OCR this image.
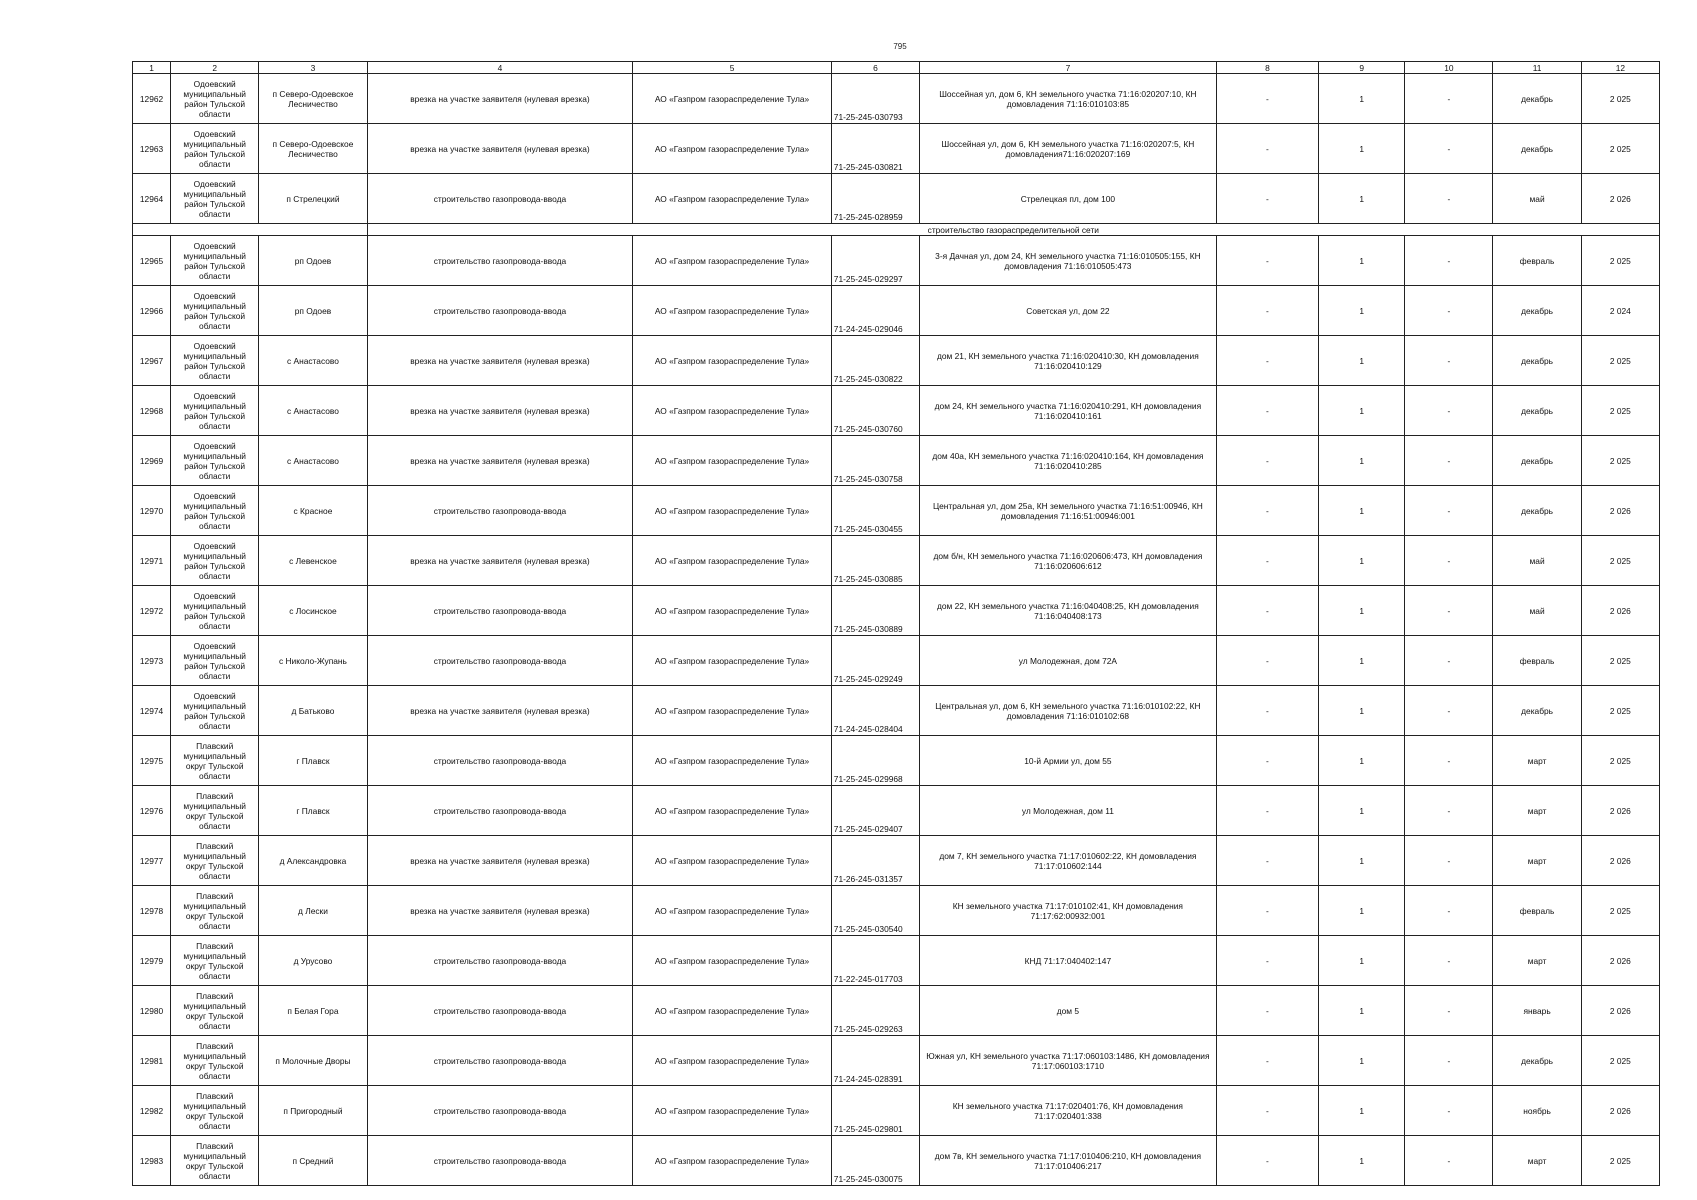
795
1	2	3	4	5	6	7	8	9	10	11	12
12962	Одоевский муниципальный район Тульской области	п Северо-Одоевское Лесничество	врезка на участке заявителя (нулевая врезка)	АО «Газпром газораспределение Тула»	71-25-245-030793	Шоссейная ул, дом 6, КН земельного участка 71:16:020207:10, КН домовладения 71:16:010103:85	-	1	-	декабрь	2 025
12963	Одоевский муниципальный район Тульской области	п Северо-Одоевское Лесничество	врезка на участке заявителя (нулевая врезка)	АО «Газпром газораспределение Тула»	71-25-245-030821	Шоссейная ул, дом 6, КН земельного участка 71:16:020207:5, КН домовладения71:16:020207:169	-	1	-	декабрь	2 025
12964	Одоевский муниципальный район Тульской области	п Стрелецкий	строительство газопровода-ввода	АО «Газпром газораспределение Тула»	71-25-245-028959	Стрелецкая пл, дом 100	-	1	-	май	2 026
			строительство газораспределительной сети								
12965	Одоевский муниципальный район Тульской области	рп Одоев	строительство газопровода-ввода	АО «Газпром газораспределение Тула»	71-25-245-029297	3-я Дачная ул, дом 24, КН земельного участка 71:16:010505:155, КН домовладения 71:16:010505:473	-	1	-	февраль	2 025
12966	Одоевский муниципальный район Тульской области	рп Одоев	строительство газопровода-ввода	АО «Газпром газораспределение Тула»	71-24-245-029046	Советская ул, дом 22	-	1	-	декабрь	2 024
12967	Одоевский муниципальный район Тульской области	с Анастасово	врезка на участке заявителя (нулевая врезка)	АО «Газпром газораспределение Тула»	71-25-245-030822	дом 21, КН земельного участка 71:16:020410:30, КН домовладения 71:16:020410:129	-	1	-	декабрь	2 025
12968	Одоевский муниципальный район Тульской области	с Анастасово	врезка на участке заявителя (нулевая врезка)	АО «Газпром газораспределение Тула»	71-25-245-030760	дом 24, КН земельного участка 71:16:020410:291, КН домовладения 71:16:020410:161	-	1	-	декабрь	2 025
12969	Одоевский муниципальный район Тульской области	с Анастасово	врезка на участке заявителя (нулевая врезка)	АО «Газпром газораспределение Тула»	71-25-245-030758	дом 40а, КН земельного участка 71:16:020410:164, КН домовладения 71:16:020410:285	-	1	-	декабрь	2 025
12970	Одоевский муниципальный район Тульской области	с Красное	строительство газопровода-ввода	АО «Газпром газораспределение Тула»	71-25-245-030455	Центральная ул, дом 25а, КН земельного участка 71:16:51:00946, КН домовладения 71:16:51:00946:001	-	1	-	декабрь	2 026
12971	Одоевский муниципальный район Тульской области	с Левенское	врезка на участке заявителя (нулевая врезка)	АО «Газпром газораспределение Тула»	71-25-245-030885	дом б/н, КН земельного участка 71:16:020606:473, КН домовладения 71:16:020606:612	-	1	-	май	2 025
12972	Одоевский муниципальный район Тульской области	с Лосинское	строительство газопровода-ввода	АО «Газпром газораспределение Тула»	71-25-245-030889	дом 22, КН земельного участка 71:16:040408:25, КН домовладения 71:16:040408:173	-	1	-	май	2 026
12973	Одоевский муниципальный район Тульской области	с Николо-Жупань	строительство газопровода-ввода	АО «Газпром газораспределение Тула»	71-25-245-029249	ул Молодежная, дом 72А	-	1	-	февраль	2 025
12974	Одоевский муниципальный район Тульской области	д Батьково	врезка на участке заявителя (нулевая врезка)	АО «Газпром газораспределение Тула»	71-24-245-028404	Центральная ул, дом 6, КН земельного участка 71:16:010102:22, КН домовладения 71:16:010102:68	-	1	-	декабрь	2 025
12975	Плавский муниципальный округ Тульской области	г Плавск	строительство газопровода-ввода	АО «Газпром газораспределение Тула»	71-25-245-029968	10-й Армии ул, дом 55	-	1	-	март	2 025
12976	Плавский муниципальный округ Тульской области	г Плавск	строительство газопровода-ввода	АО «Газпром газораспределение Тула»	71-25-245-029407	ул Молодежная, дом 11	-	1	-	март	2 026
12977	Плавский муниципальный округ Тульской области	д Александровка	врезка на участке заявителя (нулевая врезка)	АО «Газпром газораспределение Тула»	71-26-245-031357	дом 7, КН земельного участка 71:17:010602:22, КН домовладения 71:17:010602:144	-	1	-	март	2 026
12978	Плавский муниципальный округ Тульской области	д Лески	врезка на участке заявителя (нулевая врезка)	АО «Газпром газораспределение Тула»	71-25-245-030540	КН земельного участка 71:17:010102:41, КН домовладения 71:17:62:00932:001	-	1	-	февраль	2 025
12979	Плавский муниципальный округ Тульской области	д Урусово	строительство газопровода-ввода	АО «Газпром газораспределение Тула»	71-22-245-017703	КНД 71:17:040402:147	-	1	-	март	2 026
12980	Плавский муниципальный округ Тульской области	п Белая Гора	строительство газопровода-ввода	АО «Газпром газораспределение Тула»	71-25-245-029263	дом 5	-	1	-	январь	2 026
12981	Плавский муниципальный округ Тульской области	п Молочные Дворы	строительство газопровода-ввода	АО «Газпром газораспределение Тула»	71-24-245-028391	Южная ул, КН земельного участка 71:17:060103:1486, КН домовладения 71:17:060103:1710	-	1	-	декабрь	2 025
12982	Плавский муниципальный округ Тульской области	п Пригородный	строительство газопровода-ввода	АО «Газпром газораспределение Тула»	71-25-245-029801	КН земельного участка 71:17:020401:76, КН домовладения 71:17:020401:338	-	1	-	ноябрь	2 026
12983	Плавский муниципальный округ Тульской области	п Средний	строительство газопровода-ввода	АО «Газпром газораспределение Тула»	71-25-245-030075	дом 7в, КН земельного участка 71:17:010406:210, КН домовладения 71:17:010406:217	-	1	-	март	2 025
